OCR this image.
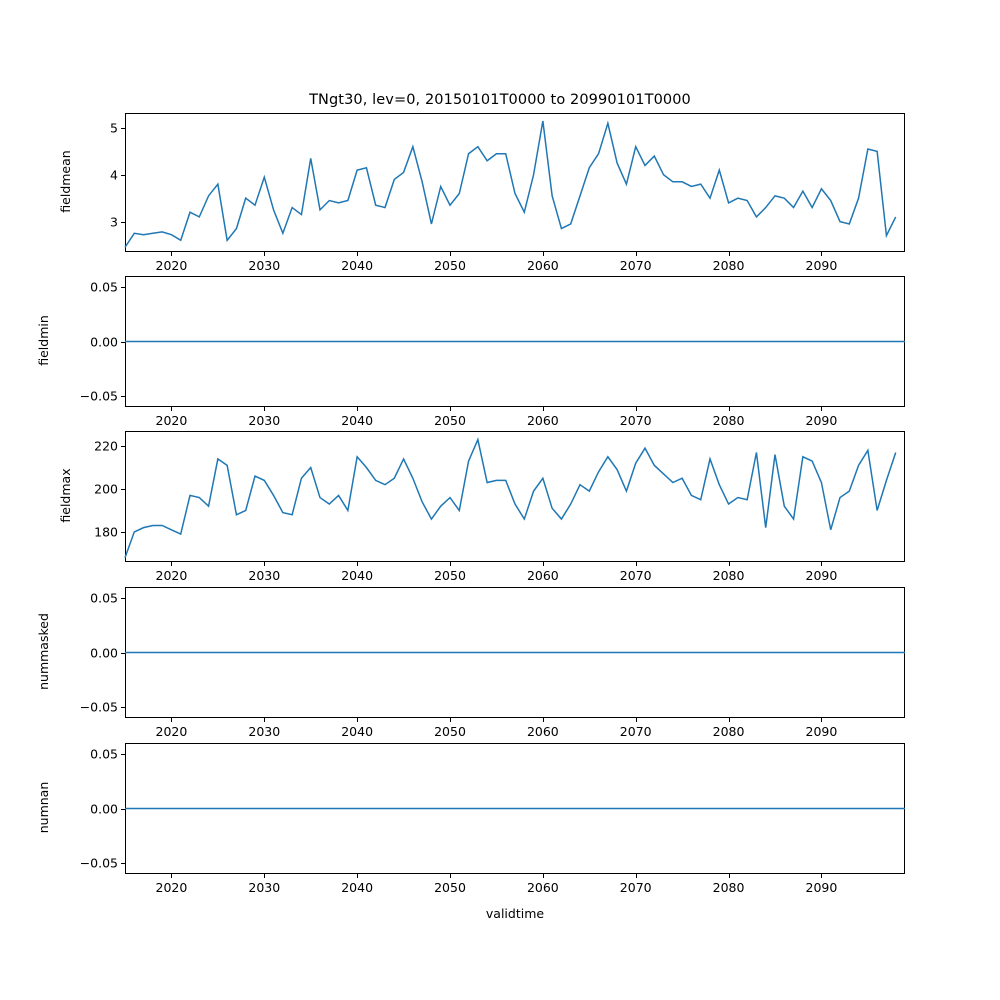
TNgt30, lev=0, 20150101T0000 to 20990101T0000
2020	2030	2040	2050	2060	2070	2080	2090
3
4
5
fieldmean
2020	2030	2040	2050	2060	2070	2080	2090
−0.05
0.00
0.05
fieldmin
2020	2030	2040	2050	2060	2070	2080	2090
180
200
220
fieldmax
2020	2030	2040	2050	2060	2070	2080	2090
−0.05
0.00
0.05
nummasked
2020	2030	2040	2050	2060	2070	2080	2090
−0.05
0.00
0.05
numnan
validtime
